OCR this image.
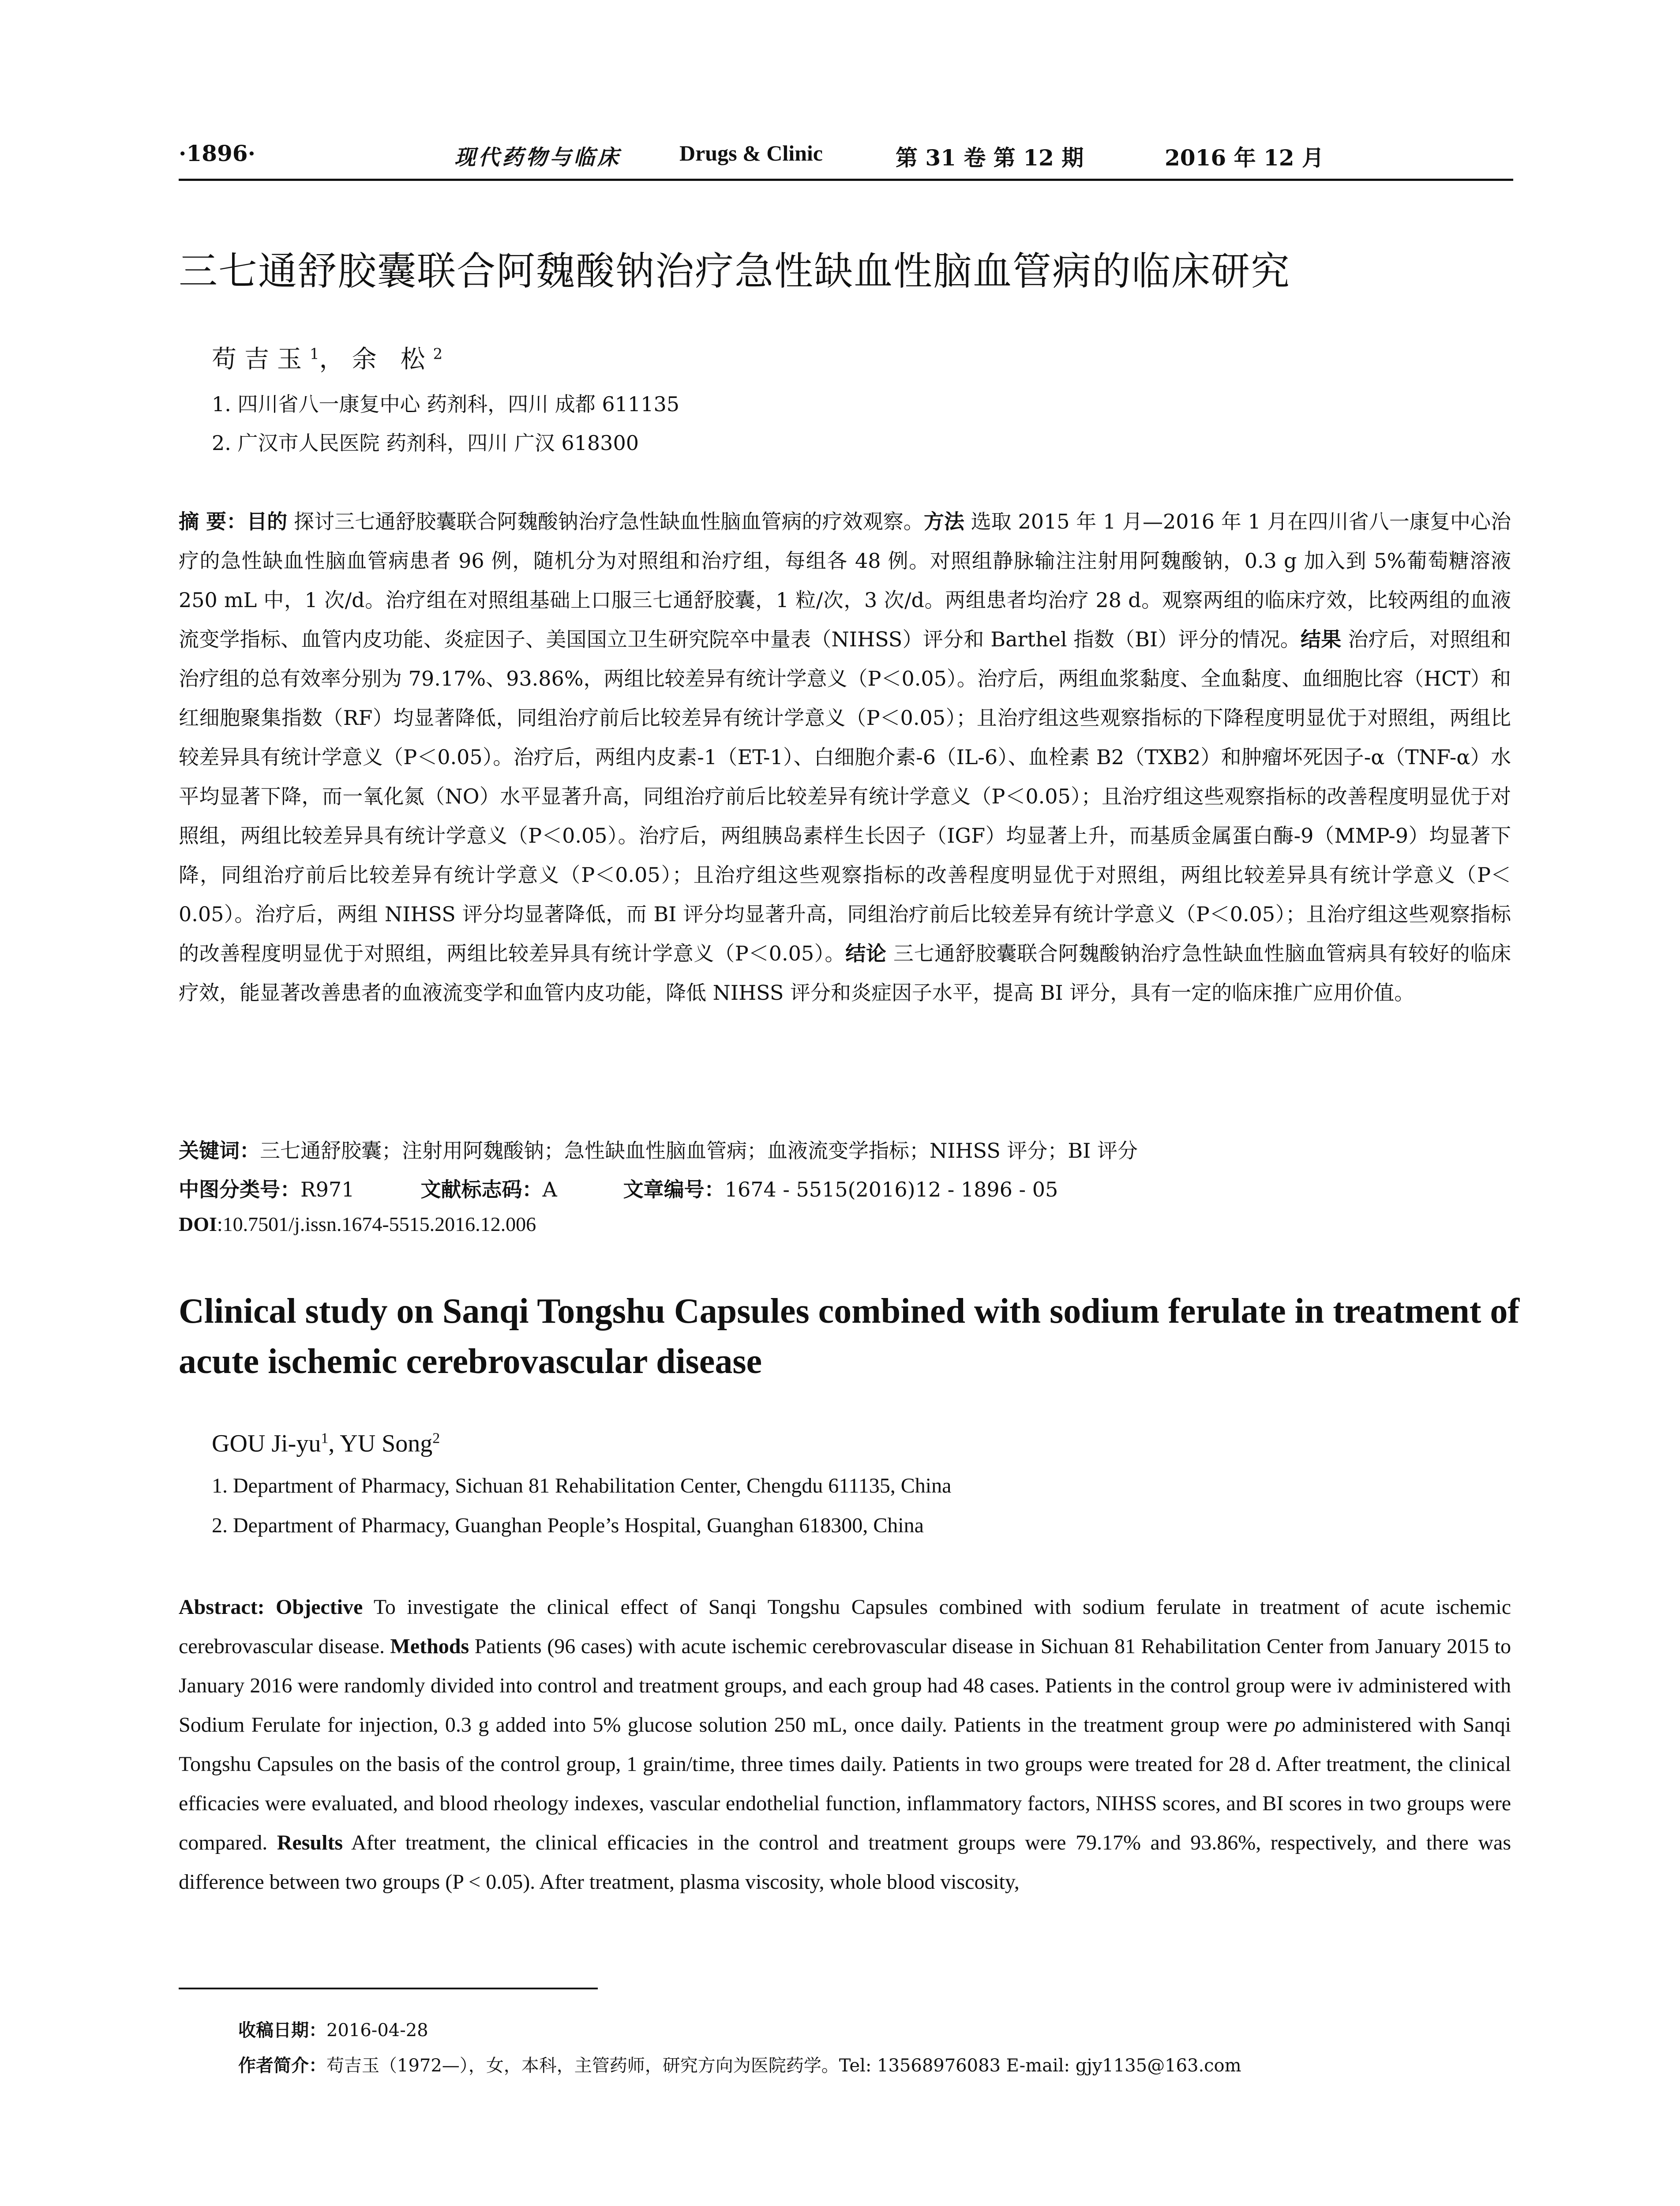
·1896·	现代药物与临床	Drugs & Clinic	第 31 卷 第 12 期	2016 年 12 月
三七通舒胶囊联合阿魏酸钠治疗急性缺血性脑血管病的临床研究
苟吉玉$^1$，余 松$^2$
1. 四川省八一康复中心 药剂科，四川 成都 611135
2. 广汉市人民医院 药剂科，四川 广汉 618300
摘 要：目的 探讨三七通舒胶囊联合阿魏酸钠治疗急性缺血性脑血管病的疗效观察。方法 选取 2015 年 1 月—2016 年 1 月在四川省八一康复中心治疗的急性缺血性脑血管病患者 96 例，随机分为对照组和治疗组，每组各 48 例。对照组静脉输注注射用阿魏酸钠，0.3 g 加入到 5%葡萄糖溶液 250 mL 中，1 次/d。治疗组在对照组基础上口服三七通舒胶囊，1 粒/次，3 次/d。两组患者均治疗 28 d。观察两组的临床疗效，比较两组的血液流变学指标、血管内皮功能、炎症因子、美国国立卫生研究院卒中量表（NIHSS）评分和 Barthel 指数（BI）评分的情况。结果 治疗后，对照组和治疗组的总有效率分别为 79.17%、93.86%，两组比较差异有统计学意义（P＜0.05）。治疗后，两组血浆黏度、全血黏度、血细胞比容（HCT）和红细胞聚集指数（RF）均显著降低，同组治疗前后比较差异有统计学意义（P＜0.05）；且治疗组这些观察指标的下降程度明显优于对照组，两组比较差异具有统计学意义（P＜0.05）。治疗后，两组内皮素-1（ET-1）、白细胞介素-6（IL-6）、血栓素 B2（TXB2）和肿瘤坏死因子-α（TNF-α）水平均显著下降，而一氧化氮（NO）水平显著升高，同组治疗前后比较差异有统计学意义（P＜0.05）；且治疗组这些观察指标的改善程度明显优于对照组，两组比较差异具有统计学意义（P＜0.05）。治疗后，两组胰岛素样生长因子（IGF）均显著上升，而基质金属蛋白酶-9（MMP-9）均显著下降，同组治疗前后比较差异有统计学意义（P＜0.05）；且治疗组这些观察指标的改善程度明显优于对照组，两组比较差异具有统计学意义（P＜0.05）。治疗后，两组 NIHSS 评分均显著降低，而 BI 评分均显著升高，同组治疗前后比较差异有统计学意义（P＜0.05）；且治疗组这些观察指标的改善程度明显优于对照组，两组比较差异具有统计学意义（P＜0.05）。结论 三七通舒胶囊联合阿魏酸钠治疗急性缺血性脑血管病具有较好的临床疗效，能显著改善患者的血液流变学和血管内皮功能，降低 NIHSS 评分和炎症因子水平，提高 BI 评分，具有一定的临床推广应用价值。
关键词：三七通舒胶囊；注射用阿魏酸钠；急性缺血性脑血管病；血液流变学指标；NIHSS 评分；BI 评分
中图分类号：R971	文献标志码：A	文章编号：1674 - 5515(2016)12 - 1896 - 05
DOI:10.7501/j.issn.1674-5515.2016.12.006
Clinical study on Sanqi Tongshu Capsules combined with sodium ferulate in treatment of acute ischemic cerebrovascular disease
GOU $Ji-yu^1$, YU Song$^2$
1. Department of Pharmacy, Sichuan 81 Rehabilitation Center, Chengdu 611135, China
2. Department of Pharmacy, Guanghan People’s Hospital, Guanghan 618300, China
Abstract: Objective To investigate the clinical effect of Sanqi Tongshu Capsules combined with sodium ferulate in treatment of acute ischemic cerebrovascular disease. Methods Patients (96 cases) with acute ischemic cerebrovascular disease in Sichuan 81 Rehabilitation Center from January 2015 to January 2016 were randomly divided into control and treatment groups, and each group had 48 cases. Patients in the control group were iv administered with Sodium Ferulate for injection, 0.3 g added into 5% glucose solution 250 mL, once daily. Patients in the treatment group were po administered with Sanqi Tongshu Capsules on the basis of the control group, 1 grain/time, three times daily. Patients in two groups were treated for 28 d. After treatment, the clinical efficacies were evaluated, and blood rheology indexes, vascular endothelial function, inflammatory factors, NIHSS scores, and BI scores in two groups were compared. Results After treatment, the clinical efficacies in the control and treatment groups were 79.17% and 93.86%, respectively, and there was difference between two groups (P < 0.05). After treatment, plasma viscosity, whole blood viscosity,
收稿日期：2016-04-28
作者简介：苟吉玉（1972—），女，本科，主管药师，研究方向为医院药学。Tel: 13568976083 E-mail: gjy1135@163.com
